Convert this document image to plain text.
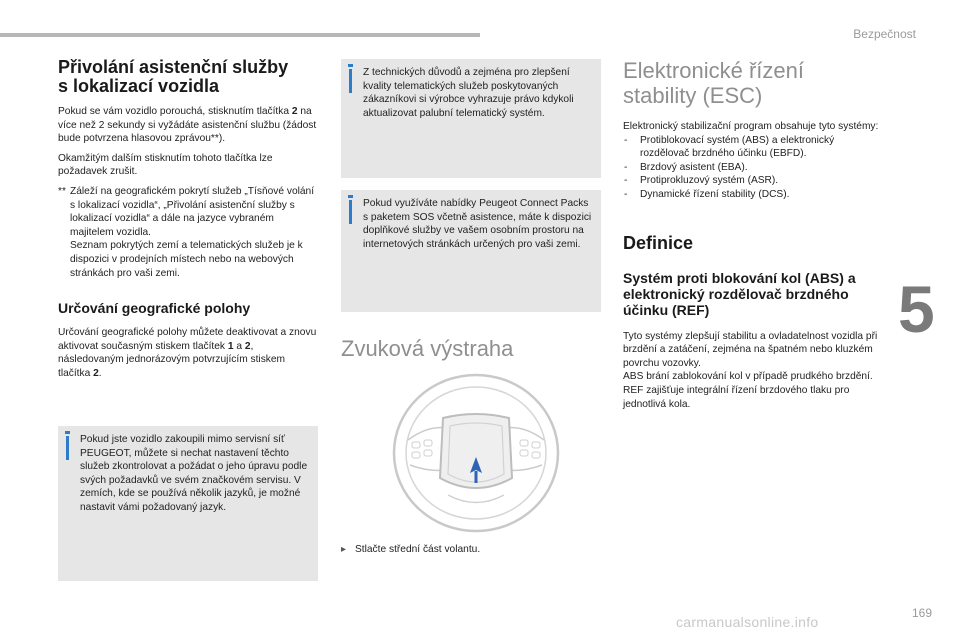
Bezpečnost
5
169
carmanualsonline.info
Přivolání asistenční služby
s lokalizací vozidla
Pokud se vám vozidlo porouchá, stisknutím tlačítka 2 na více než 2 sekundy si vyžádáte asistenční službu (žádost bude potvrzena hlasovou zprávou**).
Okamžitým dalším stisknutím tohoto tlačítka lze požadavek zrušit.
** Záleží na geografickém pokrytí služeb „Tísňové volání s lokalizací vozidla“, „Přivolání asistenční služby s lokalizací vozidla“ a dále na jazyce vybraném majitelem vozidla.
Seznam pokrytých zemí a telematických služeb je k dispozici v prodejních místech nebo na webových stránkách pro vaši zemi.
Určování geografické polohy
Určování geografické polohy můžete deaktivovat a znovu aktivovat současným stiskem tlačítek 1 a 2, následovaným jednorázovým potvrzujícím stiskem tlačítka 2.
Pokud jste vozidlo zakoupili mimo servisní síť PEUGEOT, můžete si nechat nastavení těchto služeb zkontrolovat a požádat o jeho úpravu podle svých požadavků ve svém značkovém servisu. V zemích, kde se používá několik jazyků, je možné nastavit vámi požadovaný jazyk.
Z technických důvodů a zejména pro zlepšení kvality telematických služeb poskytovaných zákazníkovi si výrobce vyhrazuje právo kdykoli aktualizovat palubní telematický systém.
Pokud využíváte nabídky Peugeot Connect Packs s paketem SOS včetně asistence, máte k dispozici doplňkové služby ve vašem osobním prostoru na internetových stránkách určených pro vaši zemi.
Zvuková výstraha
▸ Stlačte střední část volantu.
Elektronické řízení
stability (ESC)
Elektronický stabilizační program obsahuje tyto systémy:
- Protiblokovací systém (ABS) a elektronický rozdělovač brzdného účinku (EBFD).
- Brzdový asistent (EBA).
- Protiprokluzový systém (ASR).
- Dynamické řízení stability (DCS).
Definice
Systém proti blokování kol (ABS) a elektronický rozdělovač brzdného účinku (REF)
Tyto systémy zlepšují stabilitu a ovladatelnost vozidla při brzdění a zatáčení, zejména na špatném nebo kluzkém povrchu vozovky.
ABS brání zablokování kol v případě prudkého brzdění.
REF zajišťuje integrální řízení brzdového tlaku pro jednotlivá kola.
